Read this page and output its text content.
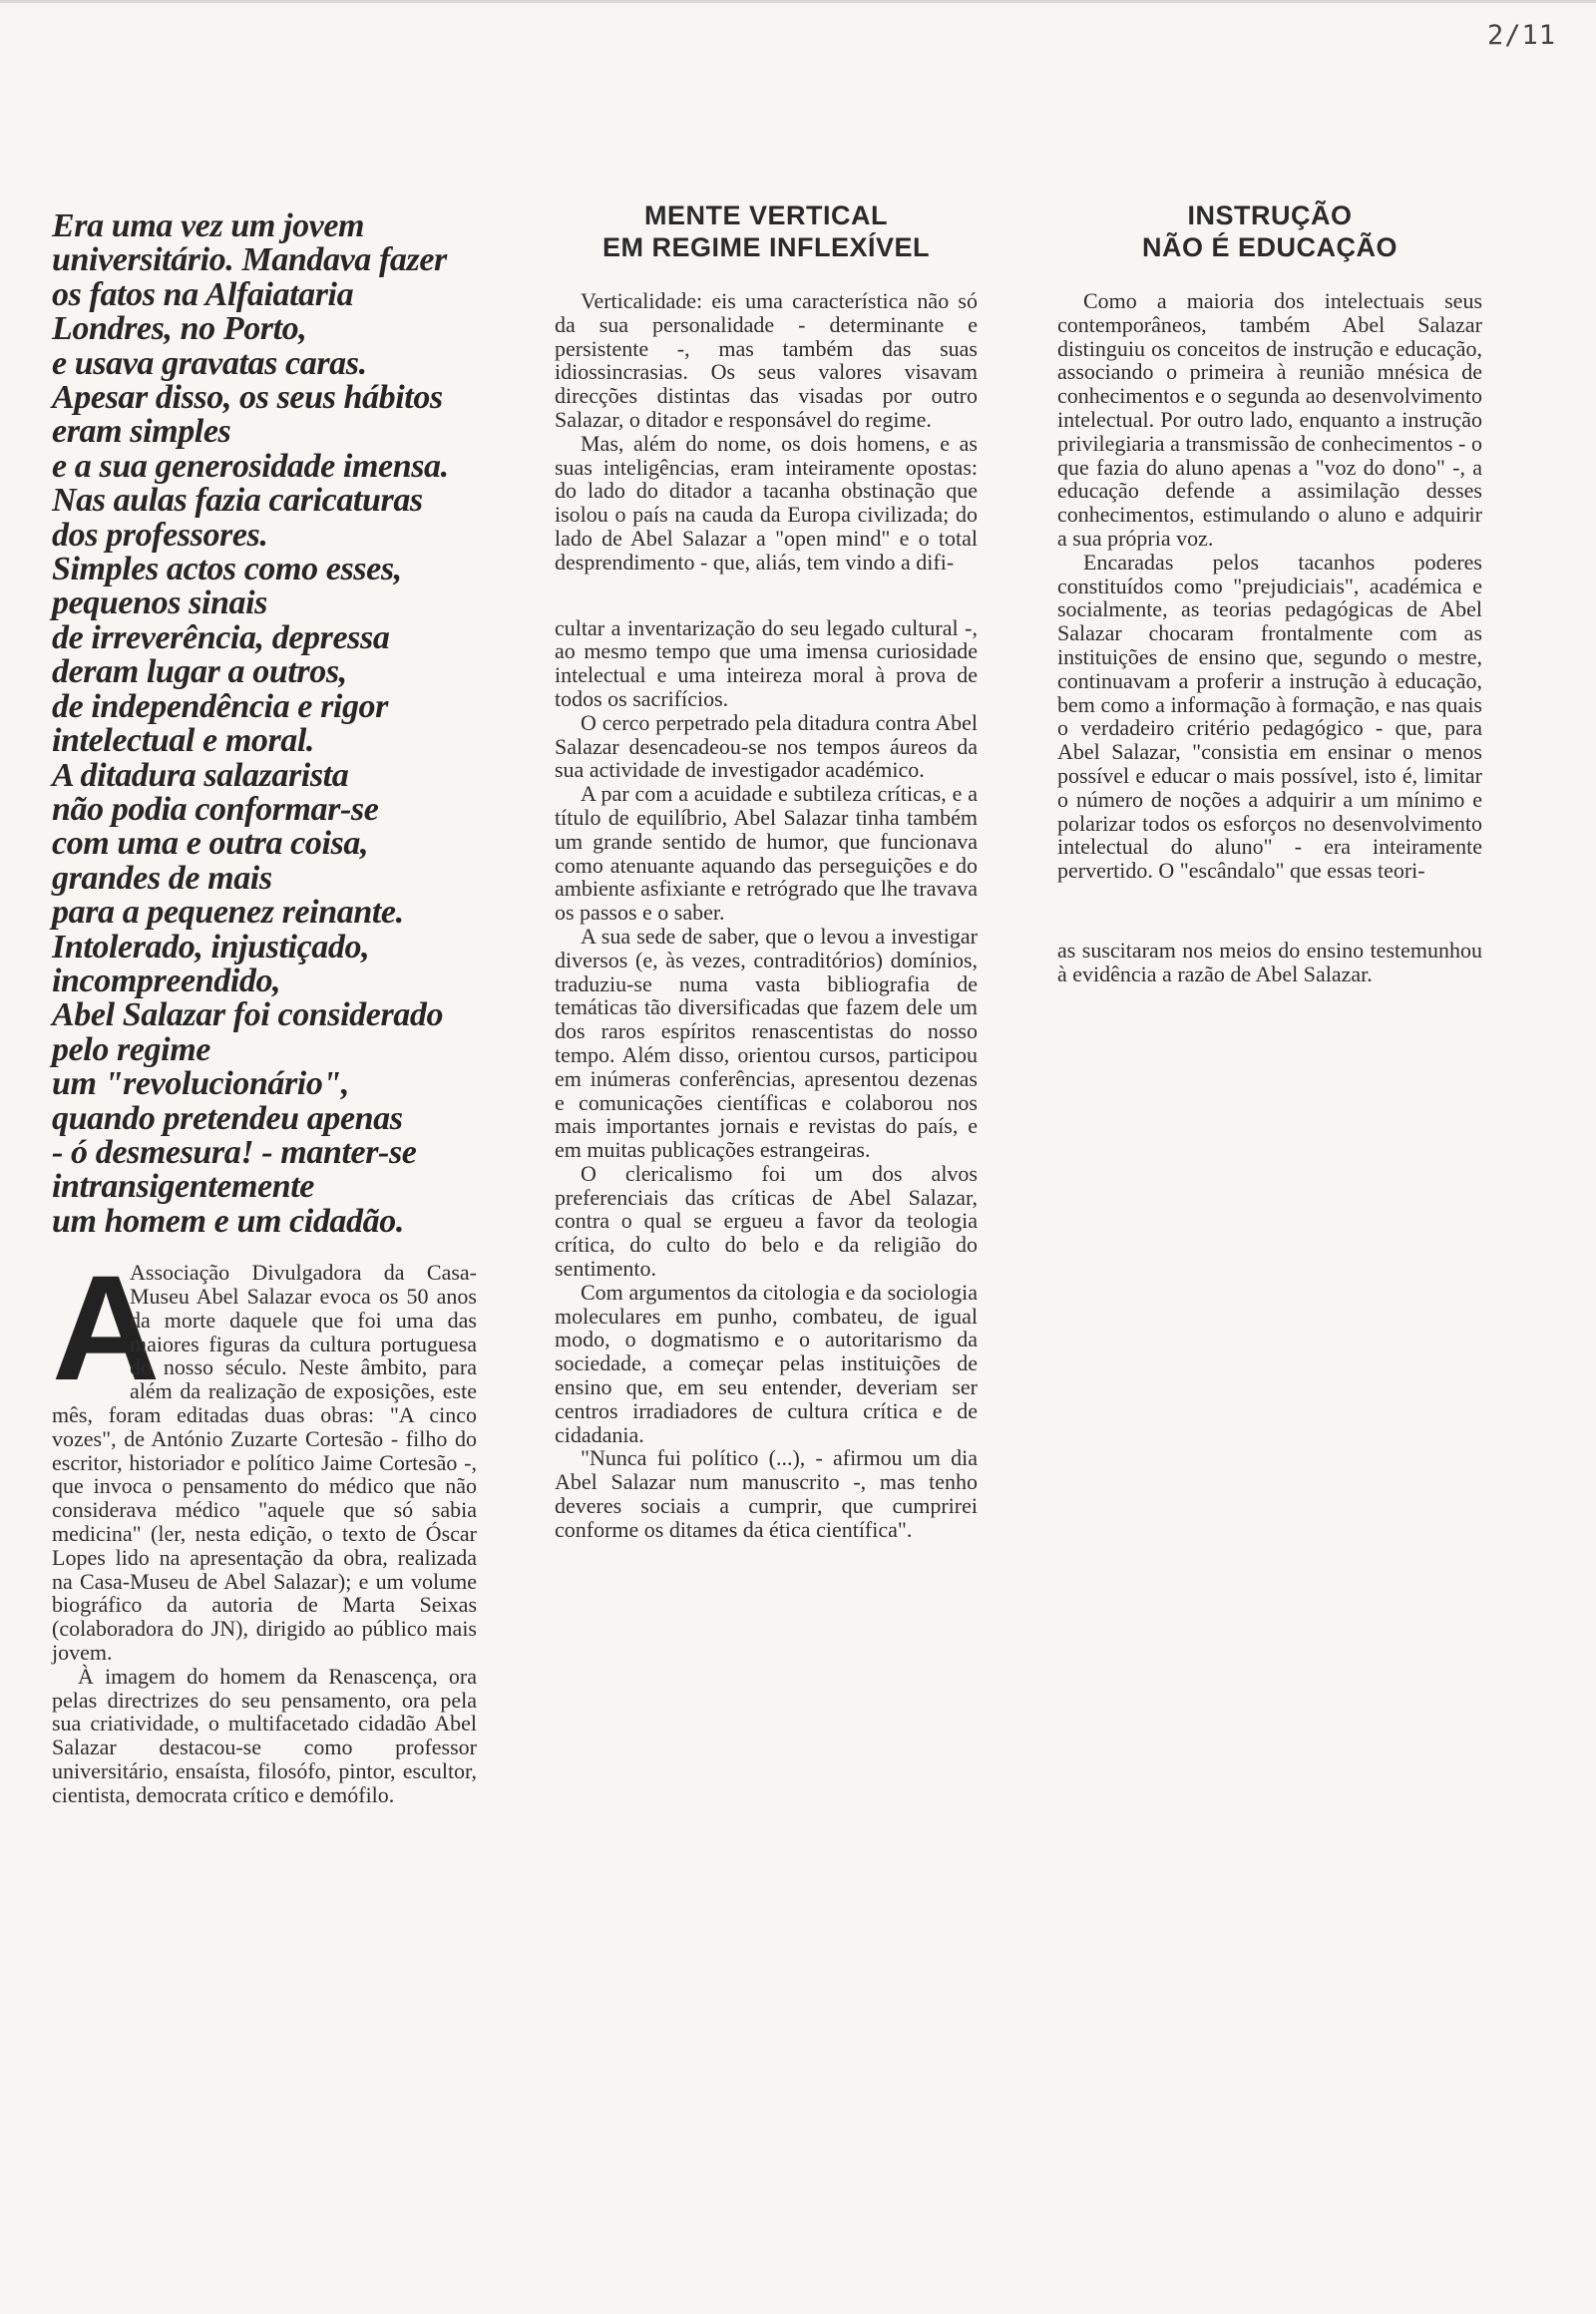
2/11
Era uma vez um jovem
universitário. Mandava fazer
os fatos na Alfaiataria
Londres, no Porto,
e usava gravatas caras.
Apesar disso, os seus hábitos
eram simples
e a sua generosidade imensa.
Nas aulas fazia caricaturas
dos professores.
Simples actos como esses,
pequenos sinais
de irreverência, depressa
deram lugar a outros,
de independência e rigor
intelectual e moral.
A ditadura salazarista
não podia conformar-se
com uma e outra coisa,
grandes de mais
para a pequenez reinante.
Intolerado, injustiçado,
incompreendido,
Abel Salazar foi considerado
pelo regime
um "revolucionário",
quando pretendeu apenas
- ó desmesura! - manter-se
intransigentemente
um homem e um cidadão.
A

Associação Divulgadora da Casa-Museu Abel Salazar evoca os 50 anos da morte daquele que foi uma das maiores figuras da cultura portuguesa do nosso século. Neste âmbito, para além da realização de exposições, este mês, foram editadas duas obras: "A cinco vozes", de António Zuzarte Cortesão - filho do escritor, historiador e político Jaime Cortesão -, que invoca o pensamento do médico que não considerava médico "aquele que só sabia medicina" (ler, nesta edição, o texto de Óscar Lopes lido na apresentação da obra, realizada na Casa-Museu de Abel Salazar); e um volume biográfico da autoria de Marta Seixas (colaboradora do JN), dirigido ao público mais jovem.

À imagem do homem da Renascença, ora pelas directrizes do seu pensamento, ora pela sua criatividade, o multifacetado cidadão Abel Salazar destacou-se como professor universitário, ensaísta, filosófo, pintor, escultor, cientista, democrata crítico e demófilo.

MENTE VERTICAL
EM REGIME INFLEXÍVEL

Verticalidade: eis uma característica não só da sua personalidade - determinante e persistente -, mas também das suas idiossincrasias. Os seus valores visavam direcções distintas das visadas por outro Salazar, o ditador e responsável do regime.

Mas, além do nome, os dois homens, e as suas inteligências, eram inteiramente opostas: do lado do ditador a tacanha obstinação que isolou o país na cauda da Europa civilizada; do lado de Abel Salazar a "open mind" e o total desprendimento - que, aliás, tem vindo a difi-

cultar a inventarização do seu legado cultural -, ao mesmo tempo que uma imensa curiosidade intelectual e uma inteireza moral à prova de todos os sacrifícios.

O cerco perpetrado pela ditadura contra Abel Salazar desencadeou-se nos tempos áureos da sua actividade de investigador académico.

A par com a acuidade e subtileza críticas, e a título de equilíbrio, Abel Salazar tinha também um grande sentido de humor, que funcionava como atenuante aquando das perseguições e do ambiente asfixiante e retrógrado que lhe travava os passos e o saber.

A sua sede de saber, que o levou a investigar diversos (e, às vezes, contraditórios) domínios, traduziu-se numa vasta bibliografia de temáticas tão diversificadas que fazem dele um dos raros espíritos renascentistas do nosso tempo. Além disso, orientou cursos, participou em inúmeras conferências, apresentou dezenas e comunicações científicas e colaborou nos mais importantes jornais e revistas do país, e em muitas publicações estrangeiras.

O clericalismo foi um dos alvos preferenciais das críticas de Abel Salazar, contra o qual se ergueu a favor da teologia crítica, do culto do belo e da religião do sentimento.

Com argumentos da citologia e da sociologia moleculares em punho, combateu, de igual modo, o dogmatismo e o autoritarismo da sociedade, a começar pelas instituições de ensino que, em seu entender, deveriam ser centros irradiadores de cultura crítica e de cidadania.

"Nunca fui político (...), - afirmou um dia Abel Salazar num manuscrito -, mas tenho deveres sociais a cumprir, que cumprirei conforme os ditames da ética científica".

INSTRUÇÃO
NÃO É EDUCAÇÃO

Como a maioria dos intelectuais seus contemporâneos, também Abel Salazar distinguiu os conceitos de instrução e educação, associando o primeira à reunião mnésica de conhecimentos e o segunda ao desenvolvimento intelectual. Por outro lado, enquanto a instrução privilegiaria a transmissão de conhecimentos - o que fazia do aluno apenas a "voz do dono" -, a educação defende a assimilação desses conhecimentos, estimulando o aluno e adquirir a sua própria voz.

Encaradas pelos tacanhos poderes constituídos como "prejudiciais", académica e socialmente, as teorias pedagógicas de Abel Salazar chocaram frontalmente com as instituições de ensino que, segundo o mestre, continuavam a proferir a instrução à educação, bem como a informação à formação, e nas quais o verdadeiro critério pedagógico - que, para Abel Salazar, "consistia em ensinar o menos possível e educar o mais possível, isto é, limitar o número de noções a adquirir a um mínimo e polarizar todos os esforços no desenvolvimento intelectual do aluno" - era inteiramente pervertido. O "escândalo" que essas teori-

as suscitaram nos meios do ensino testemunhou à evidência a razão de Abel Salazar.
